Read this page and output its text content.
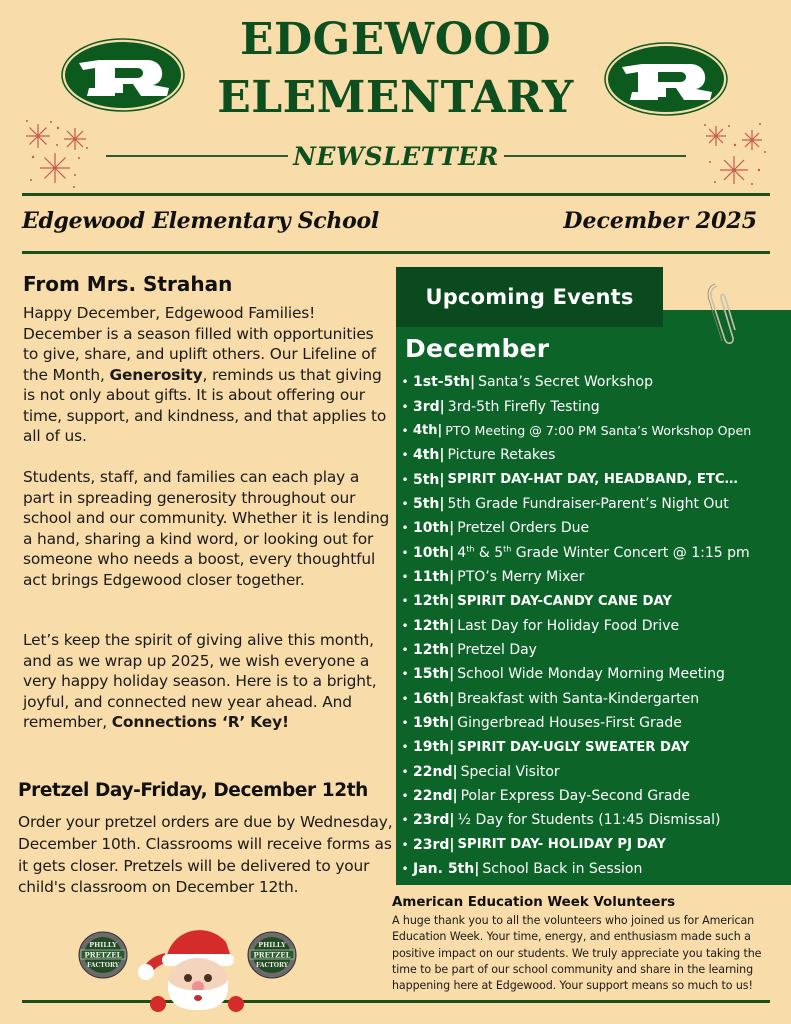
EDGEWOOD
ELEMENTARY
NEWSLETTER
Edgewood Elementary School	December 2025
From Mrs. Strahan
Happy December, Edgewood Families! December is a season filled with opportunities to give, share, and uplift others. Our Lifeline of the Month, Generosity, reminds us that giving is not only about gifts. It is about offering our time, support, and kindness, and that applies to all of us.
Students, staff, and families can each play a part in spreading generosity throughout our school and our community. Whether it is lending a hand, sharing a kind word, or looking out for someone who needs a boost, every thoughtful act brings Edgewood closer together.
Let’s keep the spirit of giving alive this month, and as we wrap up 2025, we wish everyone a very happy holiday season. Here is to a bright, joyful, and connected new year ahead. And remember, Connections ‘R’ Key!
Pretzel Day-Friday, December 12th
Order your pretzel orders are due by Wednesday, December 10th. Classrooms will receive forms as it gets closer. Pretzels will be delivered to your child's classroom on December 12th.
PHILLY
PRETZEL
FACTORY
PHILLY
PRETZEL
FACTORY
Upcoming Events
December
• 1st-5th| Santa’s Secret Workshop
• 3rd| 3rd-5th Firefly Testing
• 4th| PTO Meeting @ 7:00 PM Santa’s Workshop Open
• 4th| Picture Retakes
• 5th| SPIRIT DAY-HAT DAY, HEADBAND, ETC…
• 5th| 5th Grade Fundraiser-Parent’s Night Out
• 10th| Pretzel Orders Due
• 10th| 4th & 5th Grade Winter Concert @ 1:15 pm
• 11th| PTO’s Merry Mixer
• 12th| SPIRIT DAY-CANDY CANE DAY
• 12th| Last Day for Holiday Food Drive
• 12th| Pretzel Day
• 15th| School Wide Monday Morning Meeting
• 16th| Breakfast with Santa-Kindergarten
• 19th| Gingerbread Houses-First Grade
• 19th| SPIRIT DAY-UGLY SWEATER DAY
• 22nd| Special Visitor
• 22nd| Polar Express Day-Second Grade
• 23rd| ½ Day for Students (11:45 Dismissal)
• 23rd| SPIRIT DAY- HOLIDAY PJ DAY
• Jan. 5th| School Back in Session
American Education Week Volunteers
A huge thank you to all the volunteers who joined us for American Education Week. Your time, energy, and enthusiasm made such a positive impact on our students. We truly appreciate you taking the time to be part of our school community and share in the learning happening here at Edgewood. Your support means so much to us!
